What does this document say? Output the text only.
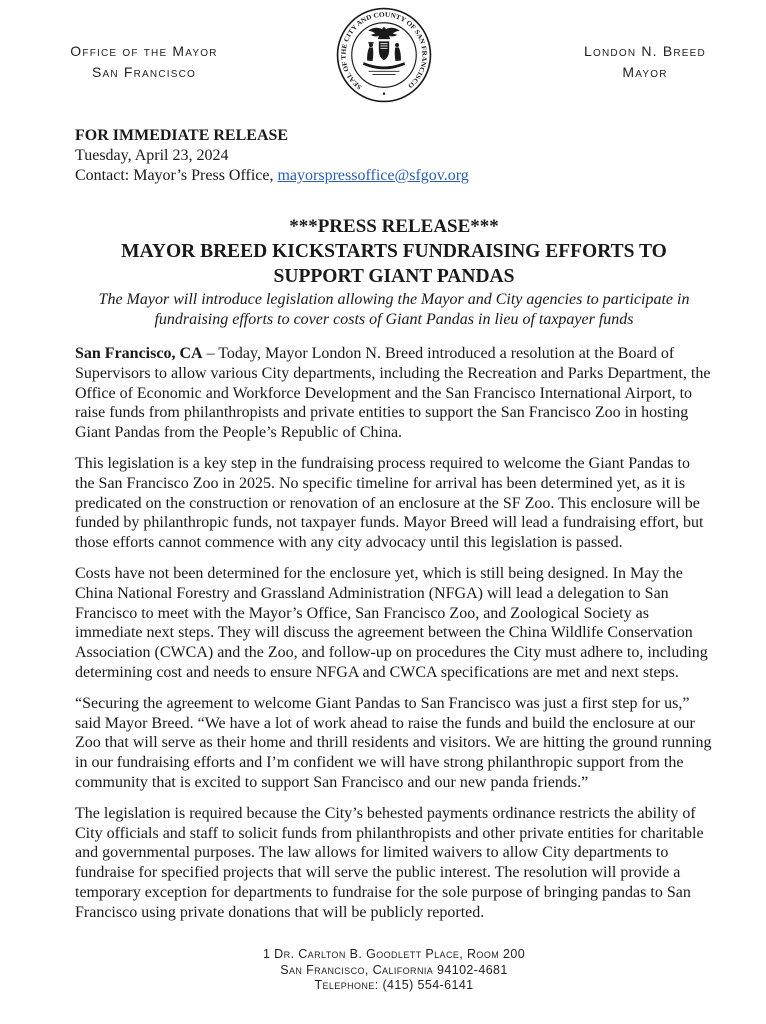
Office of the Mayor
San Francisco
SEAL OF THE CITY AND COUNTY OF SAN FRANCISCO
London N. Breed
Mayor
FOR IMMEDIATE RELEASE
Tuesday, April 23, 2024
Contact: Mayor’s Press Office, mayorspressoffice@sfgov.org
***PRESS RELEASE***
MAYOR BREED KICKSTARTS FUNDRAISING EFFORTS TO SUPPORT GIANT PANDAS
The Mayor will introduce legislation allowing the Mayor and City agencies to participate in fundraising efforts to cover costs of Giant Pandas in lieu of taxpayer funds

San Francisco, CA – Today, Mayor London N. Breed introduced a resolution at the Board of Supervisors to allow various City departments, including the Recreation and Parks Department, the Office of Economic and Workforce Development and the San Francisco International Airport, to raise funds from philanthropists and private entities to support the San Francisco Zoo in hosting Giant Pandas from the People’s Republic of China.

This legislation is a key step in the fundraising process required to welcome the Giant Pandas to the San Francisco Zoo in 2025. No specific timeline for arrival has been determined yet, as it is predicated on the construction or renovation of an enclosure at the SF Zoo. This enclosure will be funded by philanthropic funds, not taxpayer funds. Mayor Breed will lead a fundraising effort, but those efforts cannot commence with any city advocacy until this legislation is passed.

Costs have not been determined for the enclosure yet, which is still being designed. In May the China National Forestry and Grassland Administration (NFGA) will lead a delegation to San Francisco to meet with the Mayor’s Office, San Francisco Zoo, and Zoological Society as immediate next steps. They will discuss the agreement between the China Wildlife Conservation Association (CWCA) and the Zoo, and follow-up on procedures the City must adhere to, including determining cost and needs to ensure NFGA and CWCA specifications are met and next steps.

“Securing the agreement to welcome Giant Pandas to San Francisco was just a first step for us,” said Mayor Breed. “We have a lot of work ahead to raise the funds and build the enclosure at our Zoo that will serve as their home and thrill residents and visitors. We are hitting the ground running in our fundraising efforts and I’m confident we will have strong philanthropic support from the community that is excited to support San Francisco and our new panda friends.”

The legislation is required because the City’s behested payments ordinance restricts the ability of City officials and staff to solicit funds from philanthropists and other private entities for charitable and governmental purposes. The law allows for limited waivers to allow City departments to fundraise for specified projects that will serve the public interest. The resolution will provide a temporary exception for departments to fundraise for the sole purpose of bringing pandas to San Francisco using private donations that will be publicly reported.

1 Dr. Carlton B. Goodlett Place, Room 200
San Francisco, California 94102-4681
Telephone: (415) 554-6141
